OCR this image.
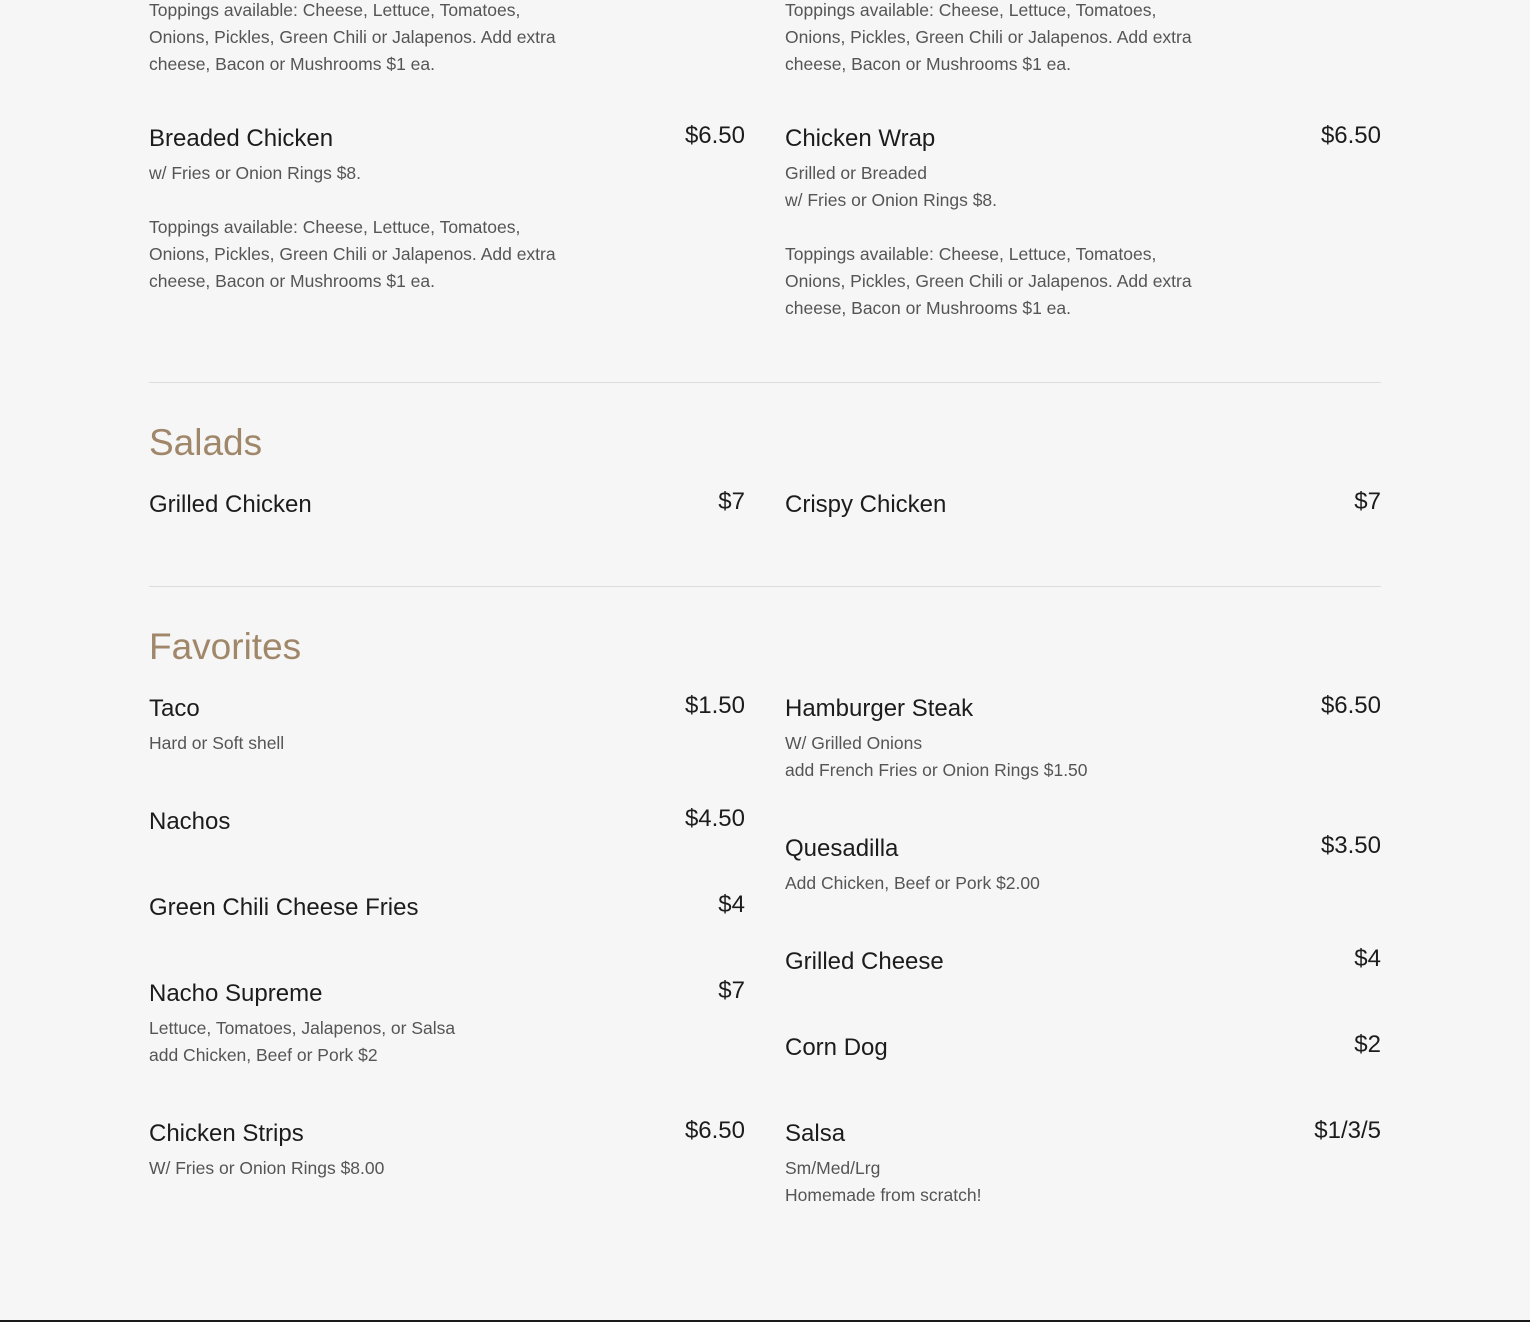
Toppings available: Cheese, Lettuce, Tomatoes,
Onions, Pickles, Green Chili or Jalapenos. Add extra
cheese, Bacon or Mushrooms $1 ea.
Toppings available: Cheese, Lettuce, Tomatoes,
Onions, Pickles, Green Chili or Jalapenos. Add extra
cheese, Bacon or Mushrooms $1 ea.
Breaded Chicken	$6.50
w/ Fries or Onion Rings $8.

Toppings available: Cheese, Lettuce, Tomatoes,
Onions, Pickles, Green Chili or Jalapenos. Add extra
cheese, Bacon or Mushrooms $1 ea.
Chicken Wrap	$6.50
Grilled or Breaded
w/ Fries or Onion Rings $8.

Toppings available: Cheese, Lettuce, Tomatoes,
Onions, Pickles, Green Chili or Jalapenos. Add extra
cheese, Bacon or Mushrooms $1 ea.
Salads
Grilled Chicken	$7 Crispy Chicken	$7
Favorites
Taco	$1.50
Hard or Soft shell
Nachos	$4.50
Green Chili Cheese Fries	$4
Nacho Supreme	$7
Lettuce, Tomatoes, Jalapenos, or Salsa
add Chicken, Beef or Pork $2
Chicken Strips	$6.50
W/ Fries or Onion Rings $8.00
Hamburger Steak	$6.50
W/ Grilled Onions
add French Fries or Onion Rings $1.50
Quesadilla	$3.50
Add Chicken, Beef or Pork $2.00
Grilled Cheese	$4
Corn Dog	$2
Salsa	$1/3/5
Sm/Med/Lrg
Homemade from scratch!
